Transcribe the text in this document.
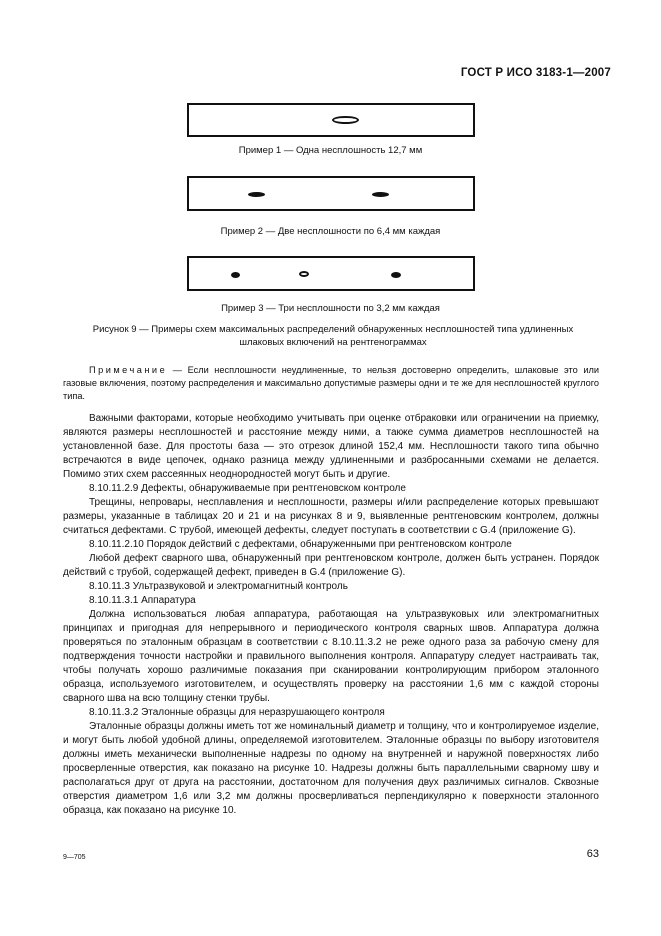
ГОСТ Р ИСО 3183-1—2007
Пример 1 — Одна несплошность 12,7 мм
Пример 2 — Две несплошности по 6,4 мм каждая
Пример 3 — Три несплошности по 3,2 мм каждая
Рисунок 9 — Примеры схем максимальных распределений обнаруженных несплошностей типа удлиненных
шлаковых включений на рентгенограммах

Примечание — Если несплошности неудлиненные, то нельзя достоверно определить, шлаковые это или газовые включения, поэтому распределения и максимально допустимые размеры одни и те же для несплошностей круглого типа.

Важными факторами, которые необходимо учитывать при оценке отбраковки или ограничении на приемку, являются размеры несплошностей и расстояние между ними, а также сумма диаметров несплошностей на установленной базе. Для простоты база — это отрезок длиной 152,4 мм. Несплошности такого типа обычно встречаются в виде цепочек, однако разница между удлиненными и разбросанными схемами не делается. Помимо этих схем рассеянных неоднородностей могут быть и другие.

8.10.11.2.9 Дефекты, обнаруживаемые при рентгеновском контроле

Трещины, непровары, несплавления и несплошности, размеры и/или распределение которых превышают размеры, указанные в таблицах 20 и 21 и на рисунках 8 и 9, выявленные рентгеновским контролем, должны считаться дефектами. С трубой, имеющей дефекты, следует поступать в соответствии с G.4 (приложение G).

8.10.11.2.10 Порядок действий с дефектами, обнаруженными при рентгеновском контроле

Любой дефект сварного шва, обнаруженный при рентгеновском контроле, должен быть устранен. Порядок действий с трубой, содержащей дефект, приведен в G.4 (приложение G).

8.10.11.3 Ультразвуковой и электромагнитный контроль

8.10.11.3.1 Аппаратура

Должна использоваться любая аппаратура, работающая на ультразвуковых или электромагнитных принципах и пригодная для непрерывного и периодического контроля сварных швов. Аппаратура должна проверяться по эталонным образцам в соответствии с 8.10.11.3.2 не реже одного раза за рабочую смену для подтверждения точности настройки и правильного выполнения контроля. Аппаратуру следует настраивать так, чтобы получать хорошо различимые показания при сканировании контролирующим прибором эталонного образца, используемого изготовителем, и осуществлять проверку на расстоянии 1,6 мм с каждой стороны сварного шва на всю толщину стенки трубы.

8.10.11.3.2 Эталонные образцы для неразрушающего контроля

Эталонные образцы должны иметь тот же номинальный диаметр и толщину, что и контролируемое изделие, и могут быть любой удобной длины, определяемой изготовителем. Эталонные образцы по выбору изготовителя должны иметь механически выполненные надрезы по одному на внутренней и наружной поверхностях либо просверленные отверстия, как показано на рисунке 10. Надрезы должны быть параллельными сварному шву и располагаться друг от друга на расстоянии, достаточном для получения двух различимых сигналов. Сквозные отверстия диаметром 1,6 или 3,2 мм должны просверливаться перпендикулярно к поверхности эталонного образца, как показано на рисунке 10.

9—705	63
